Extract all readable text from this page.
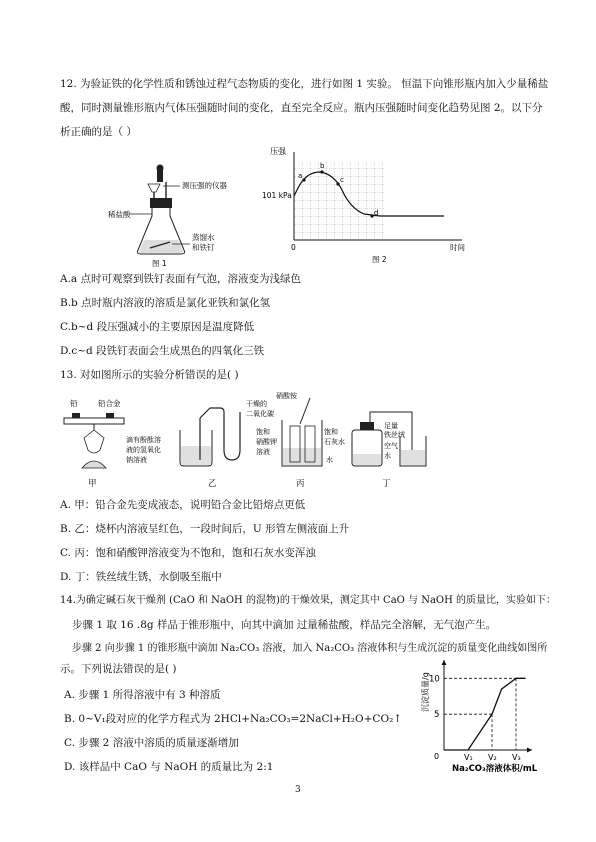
12. 为验证铁的化学性质和锈蚀过程气态物质的变化，进行如图 1 实验。 恒温下向锥形瓶内加入少量稀盐
酸，同时测量锥形瓶内气体压强随时间的变化，直至完全反应。瓶内压强随时间变化趋势见图 2。以下分
析正确的是（ ）
测压强的仪器
稀盐酸
蒸馏水
和铁钉
图 1
a
b
c
d
压强
101 kPa
0	时间
图 2
A.a 点时可观察到铁钉表面有气泡，溶液变为浅绿色
B.b 点时瓶内溶液的溶质是氯化亚铁和氯化氢
C.b~d 段压强减小的主要原因是温度降低
D.c~d 段铁钉表面会生成黑色的四氧化三铁
13. 对如图所示的实验分析错误的是( )
铅	铅合金
甲
滴有酚酞溶
液的氢氧化
钠溶液
干燥的
二氧化碳
乙
硝酸铵
饱和
硝酸钾
溶液
饱和
石灰水
水
丙
足量
铁丝绒
空气
水
丁
A. 甲：铅合金先变成液态，说明铅合金比铅熔点更低
B. 乙：烧杯内溶液呈红色，一段时间后，U 形管左侧液面上升
C. 丙：饱和硝酸钾溶液变为不饱和，饱和石灰水变浑浊
D. 丁：铁丝绒生锈，水倒吸至瓶中
14.为确定碱石灰干燥剂 (CaO 和 NaOH 的混物)的干燥效果，测定其中 CaO 与 NaOH 的质量比，实验如下：
步骤 1 取 16 .8g 样品于锥形瓶中，向其中滴加 过量稀盐酸，样品完全溶解，无气泡产生。
步骤 2 向步骤 1 的锥形瓶中滴加 Na₂CO₃ 溶液，加入 Na₂CO₃ 溶液体积与生成沉淀的质量变化曲线如图所
示。下列说法错误的是( )
A. 步骤 1 所得溶液中有 3 种溶质
B. 0~V₁段对应的化学方程式为 2HCl+Na₂CO₃=2NaCl+H₂O+CO₂↑
C. 步骤 2 溶液中溶质的质量逐渐增加
D. 该样品中 CaO 与 NaOH 的质量比为 2:1
5
10
0	V₁ V₂ V₃
沉淀质量/g
Na₂CO₃溶液体积/mL
3
